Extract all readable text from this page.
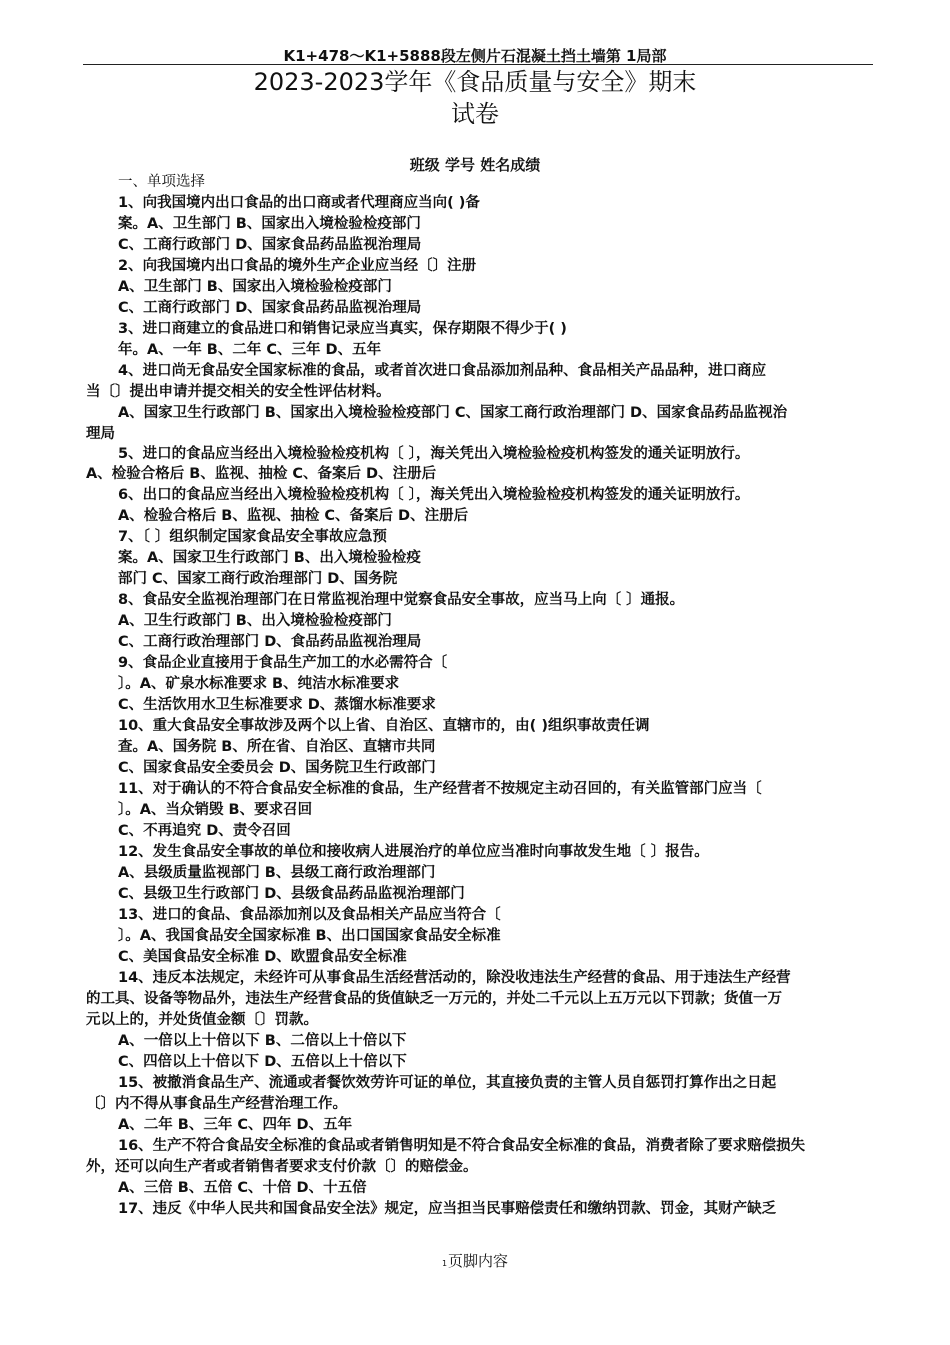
K1+478～K1+5888段左侧片石混凝土挡土墙第 1局部
2023-2023学年《食品质量与安全》期末
试卷
班级 学号 姓名成绩
一、单项选择
1、向我国境内出口食品的出口商或者代理商应当向( )备
案。A、卫生部门 B、国家出入境检验检疫部门
C、工商行政部门 D、国家食品药品监视治理局
2、向我国境内出口食品的境外生产企业应当经〔〕注册
A、卫生部门 B、国家出入境检验检疫部门
C、工商行政部门 D、国家食品药品监视治理局
3、进口商建立的食品进口和销售记录应当真实，保存期限不得少于( )
年。A、一年 B、二年 C、三年 D、五年
4、进口尚无食品安全国家标准的食品，或者首次进口食品添加剂品种、食品相关产品品种，进口商应
当〔〕提出申请并提交相关的安全性评估材料。
A、国家卫生行政部门 B、国家出入境检验检疫部门 C、国家工商行政治理部门 D、国家食品药品监视治
理局
5、进口的食品应当经出入境检验检疫机构〔 〕，海关凭出入境检验检疫机构签发的通关证明放行。
A、检验合格后 B、监视、抽检 C、备案后 D、注册后
6、出口的食品应当经出入境检验检疫机构〔 〕，海关凭出入境检验检疫机构签发的通关证明放行。
A、检验合格后 B、监视、抽检 C、备案后 D、注册后
7、〔 〕组织制定国家食品安全事故应急预
案。A、国家卫生行政部门 B、出入境检验检疫
部门 C、国家工商行政治理部门 D、国务院
8、食品安全监视治理部门在日常监视治理中觉察食品安全事故，应当马上向〔 〕通报。
A、卫生行政部门 B、出入境检验检疫部门
C、工商行政治理部门 D、食品药品监视治理局
9、食品企业直接用于食品生产加工的水必需符合〔
〕。A、矿泉水标准要求 B、纯洁水标准要求
C、生活饮用水卫生标准要求 D、蒸馏水标准要求
10、重大食品安全事故涉及两个以上省、自治区、直辖市的，由( )组织事故责任调
查。A、国务院 B、所在省、自治区、直辖市共同
C、国家食品安全委员会 D、国务院卫生行政部门
11、对于确认的不符合食品安全标准的食品，生产经营者不按规定主动召回的，有关监管部门应当〔
〕。A、当众销毁 B、要求召回
C、不再追究 D、责令召回
12、发生食品安全事故的单位和接收病人进展治疗的单位应当准时向事故发生地〔 〕报告。
A、县级质量监视部门 B、县级工商行政治理部门
C、县级卫生行政部门 D、县级食品药品监视治理部门
13、进口的食品、食品添加剂以及食品相关产品应当符合〔
〕。A、我国食品安全国家标准 B、出口国国家食品安全标准
C、美国食品安全标准 D、欧盟食品安全标准
14、违反本法规定，未经许可从事食品生活经营活动的，除没收违法生产经营的食品、用于违法生产经营
的工具、设备等物品外，违法生产经营食品的货值缺乏一万元的，并处二千元以上五万元以下罚款；货值一万
元以上的，并处货值金额〔〕罚款。
A、一倍以上十倍以下 B、二倍以上十倍以下
C、四倍以上十倍以下 D、五倍以上十倍以下
15、被撤消食品生产、流通或者餐饮效劳许可证的单位，其直接负责的主管人员自惩罚打算作出之日起
〔〕内不得从事食品生产经营治理工作。
A、二年 B、三年 C、四年 D、五年
16、生产不符合食品安全标准的食品或者销售明知是不符合食品安全标准的食品，消费者除了要求赔偿损失
外，还可以向生产者或者销售者要求支付价款〔〕的赔偿金。
A、三倍 B、五倍 C、十倍 D、十五倍
17、违反《中华人民共和国食品安全法》规定，应当担当民事赔偿责任和缴纳罚款、罚金，其财产缺乏
1页脚内容
